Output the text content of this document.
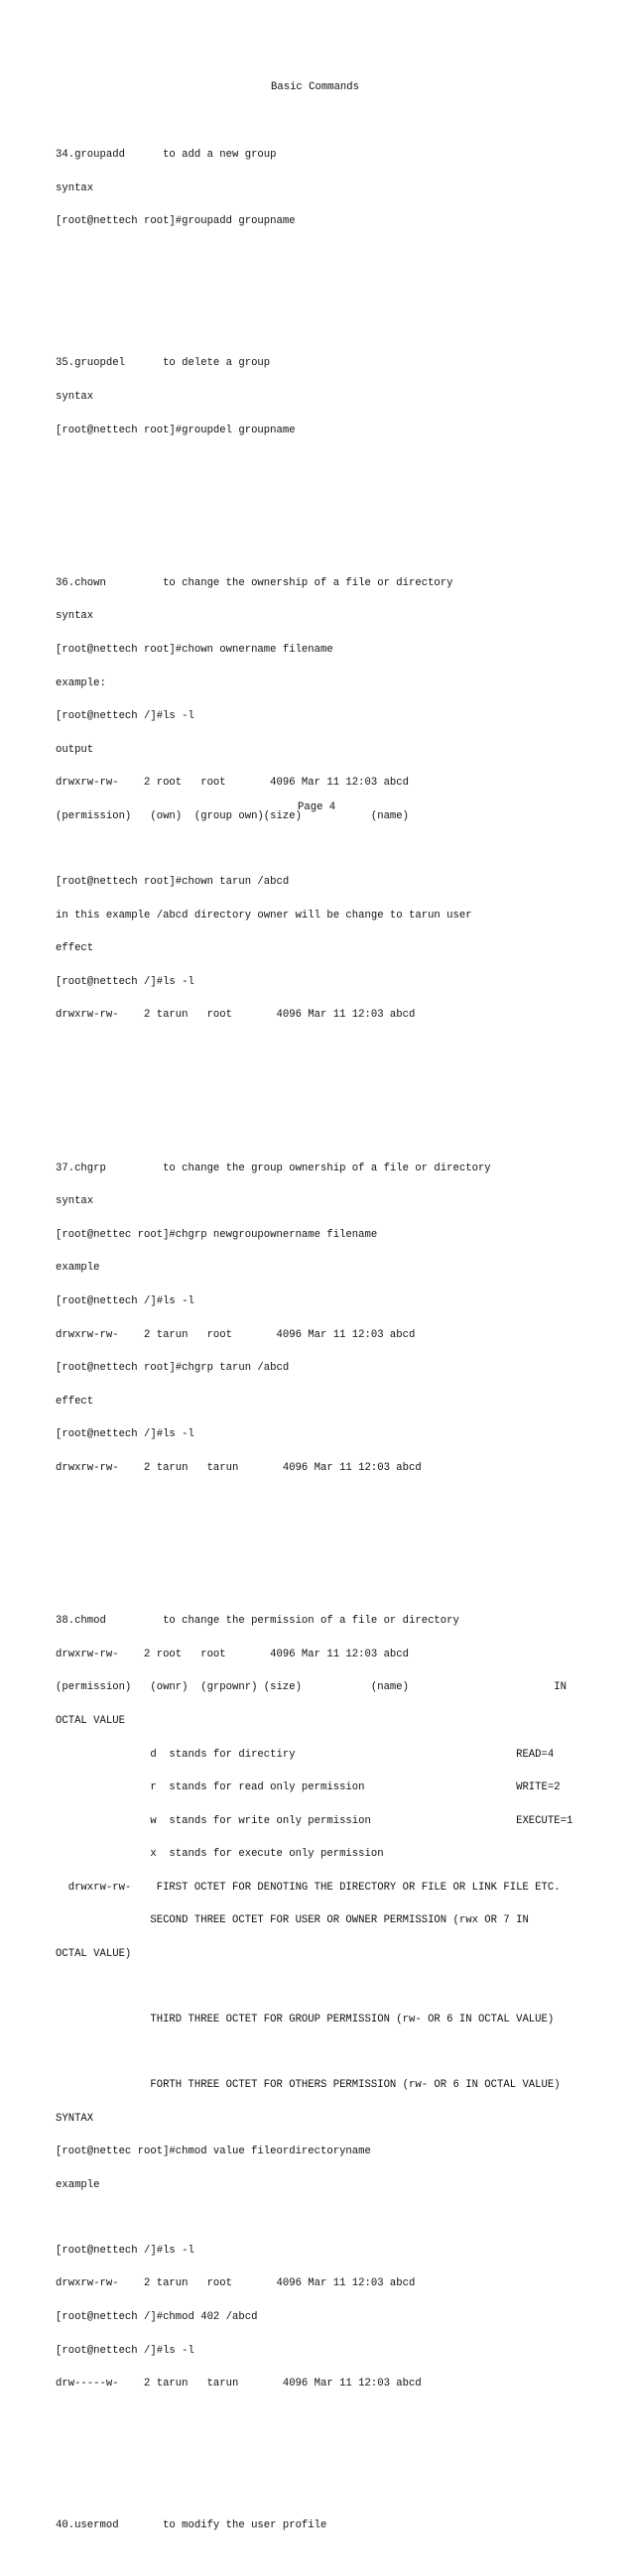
Basic Commands

34.groupadd      to add a new group

syntax

[root@nettech root]#groupadd groupname

35.gruopdel      to delete a group

syntax

[root@nettech root]#groupdel groupname

36.chown         to change the ownership of a file or directory

syntax

[root@nettech root]#chown ownername filename

example:

[root@nettech /]#ls -l

output

drwxrw-rw-    2 root   root       4096 Mar 11 12:03 abcd

(permission)   (own)  (group own)(size)           (name)

[root@nettech root]#chown tarun /abcd

in this example /abcd directory owner will be change to tarun user

effect

[root@nettech /]#ls -l

drwxrw-rw-    2 tarun   root       4096 Mar 11 12:03 abcd

37.chgrp         to change the group ownership of a file or directory

syntax

[root@nettec root]#chgrp newgroupownername filename

example

[root@nettech /]#ls -l

drwxrw-rw-    2 tarun   root       4096 Mar 11 12:03 abcd

[root@nettech root]#chgrp tarun /abcd

effect

[root@nettech /]#ls -l

drwxrw-rw-    2 tarun   tarun       4096 Mar 11 12:03 abcd

38.chmod         to change the permission of a file or directory

drwxrw-rw-    2 root   root       4096 Mar 11 12:03 abcd

(permission)   (ownr)  (grpownr) (size)           (name)                       IN

OCTAL VALUE

d  stands for directiry                                   READ=4

r  stands for read only permission                        WRITE=2

w  stands for write only permission                       EXECUTE=1

x  stands for execute only permission

drwxrw-rw-    FIRST OCTET FOR DENOTING THE DIRECTORY OR FILE OR LINK FILE ETC.

SECOND THREE OCTET FOR USER OR OWNER PERMISSION (rwx OR 7 IN

OCTAL VALUE)

THIRD THREE OCTET FOR GROUP PERMISSION (rw- OR 6 IN OCTAL VALUE)

FORTH THREE OCTET FOR OTHERS PERMISSION (rw- OR 6 IN OCTAL VALUE)

SYNTAX

[root@nettec root]#chmod value fileordirectoryname

example

[root@nettech /]#ls -l

drwxrw-rw-    2 tarun   root       4096 Mar 11 12:03 abcd

[root@nettech /]#chmod 402 /abcd

[root@nettech /]#ls -l

drw-----w-    2 tarun   tarun       4096 Mar 11 12:03 abcd

40.usermod       to modify the user profile

Page 4
